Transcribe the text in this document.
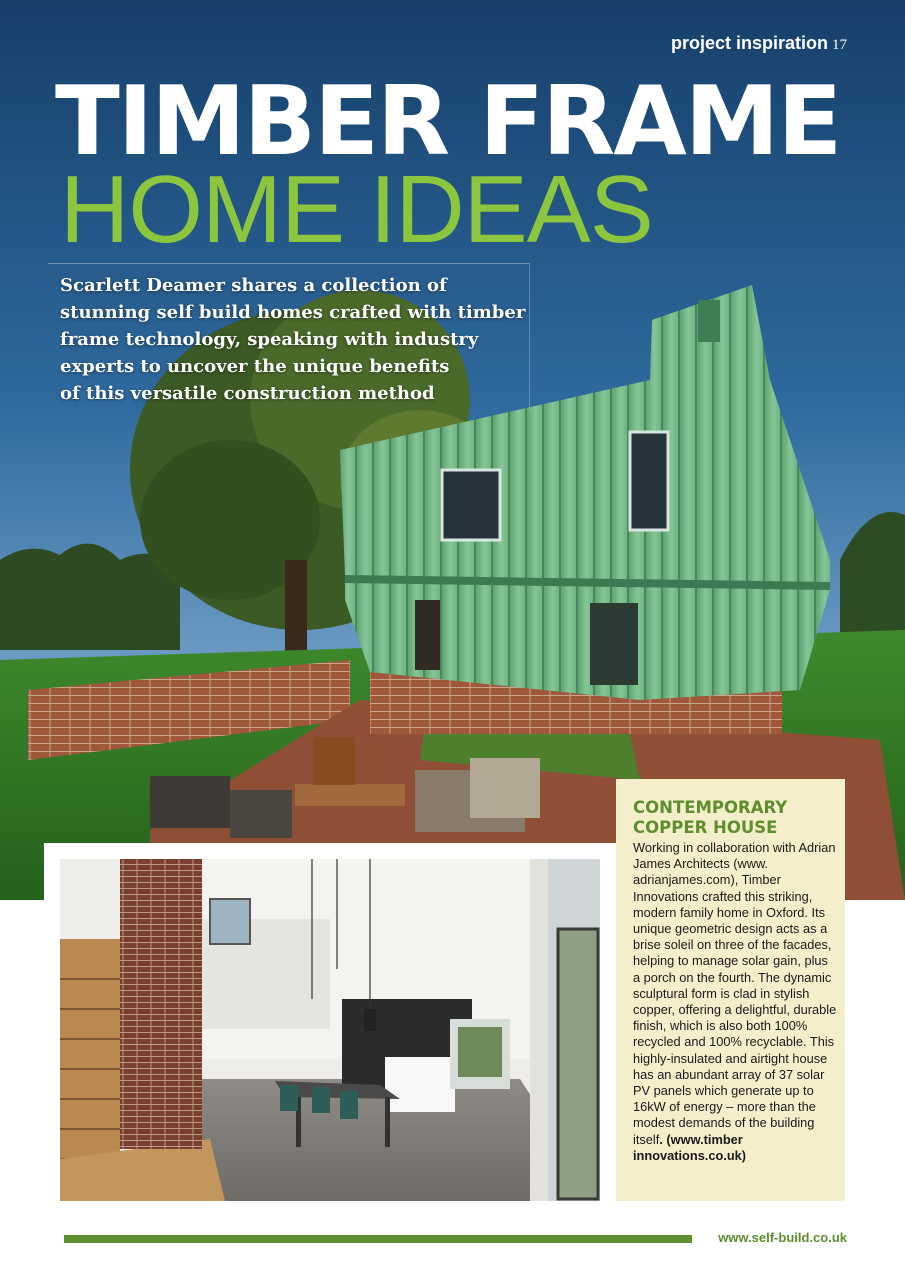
project inspiration 17
TIMBER FRAME
HOME IDEAS
Scarlett Deamer shares a collection of
stunning self build homes crafted with timber
frame technology, speaking with industry
experts to uncover the unique benefits
of this versatile construction method
CONTEMPORARY
COPPER HOUSE
Working in collaboration with Adrian James Architects (www. adrianjames.com), Timber Innovations crafted this striking, modern family home in Oxford. Its unique geometric design acts as a brise soleil on three of the facades, helping to manage solar gain, plus a porch on the fourth. The dynamic sculptural form is clad in stylish copper, offering a delightful, durable finish, which is also both 100% recycled and 100% recyclable. This highly-insulated and airtight house has an abundant array of 37 solar PV panels which generate up to 16kW of energy – more than the modest demands of the building itself. (www.timber innovations.co.uk)
www.self-build.co.uk
